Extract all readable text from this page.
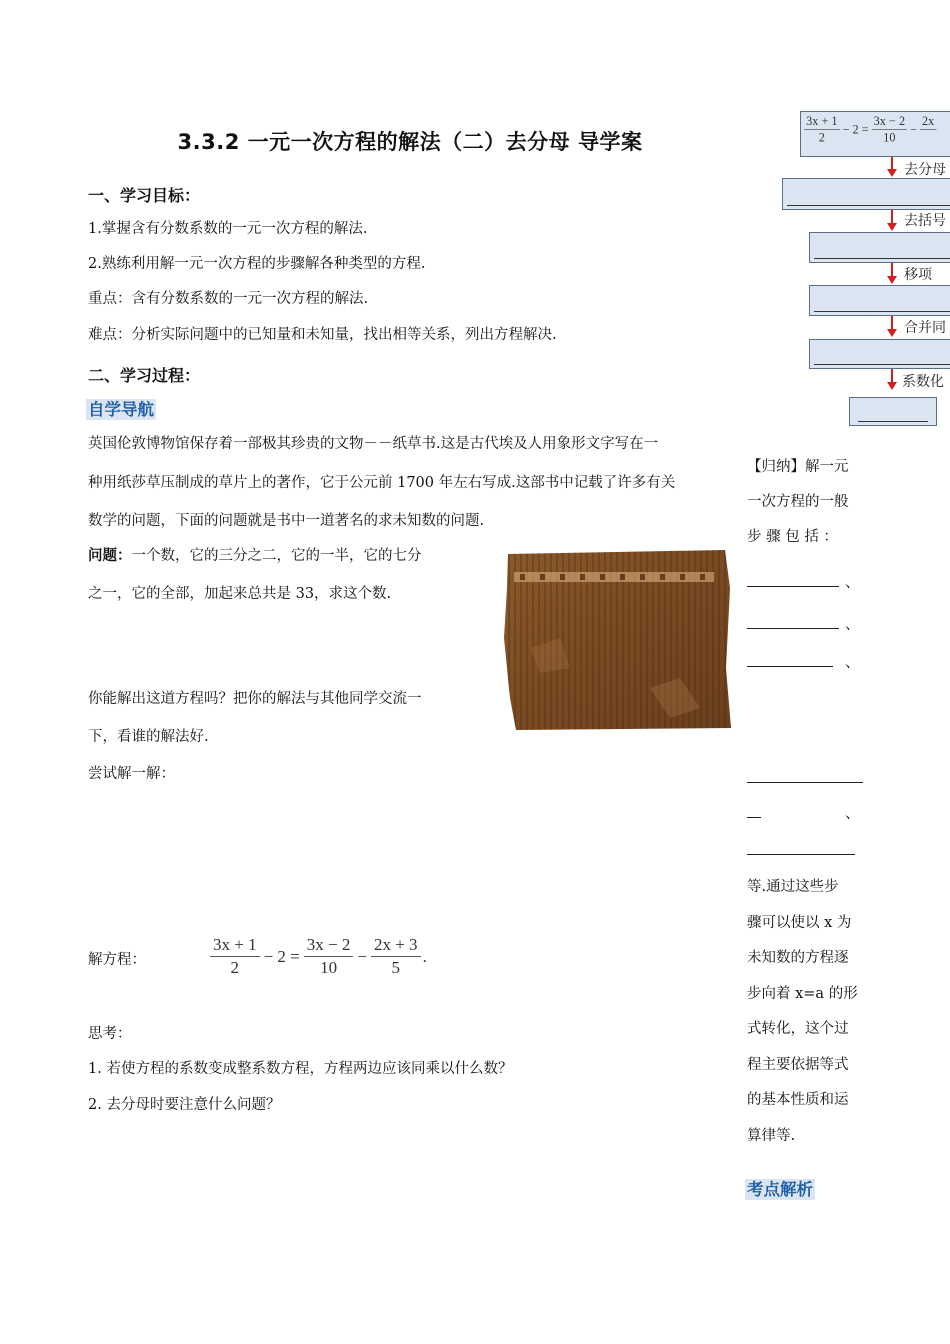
3.3.2 一元一次方程的解法（二）去分母 导学案
一、学习目标：
1.掌握含有分数系数的一元一次方程的解法.
2.熟练利用解一元一次方程的步骤解各种类型的方程.
重点：含有分数系数的一元一次方程的解法.
难点：分析实际问题中的已知量和未知量，找出相等关系，列出方程解决.
二、学习过程：
自学导航
英国伦敦博物馆保存着一部极其珍贵的文物－－纸草书.这是古代埃及人用象形文字写在一
种用纸莎草压制成的草片上的著作，它于公元前 1700 年左右写成.这部书中记载了许多有关
数学的问题，下面的问题就是书中一道著名的求未知数的问题.
问题：一个数，它的三分之二，它的一半，它的七分
之一，它的全部，加起来总共是 33，求这个数.
你能解出这道方程吗？把你的解法与其他同学交流一
下，看谁的解法好.
尝试解一解：
解方程：	$\frac{3x + 1}{2} - 2 = \frac{3x - 2}{10} - \frac{2x + 3}{5}$ .
思考：
1. 若使方程的系数变成整系数方程，方程两边应该同乘以什么数？
2. 去分母时要注意什么问题？
$\frac{3x + 1}{2} - 2 = \frac{3x - 2}{10}$ −
2x

去分母
去括号
移项
合并同
系数化
【归纳】解一元
一次方程的一般
步 骤 包 括 ：
、
、
、
、
等.通过这些步
骤可以使以 x 为
未知数的方程逐
步向着 x=a 的形
式转化，这个过
程主要依据等式
的基本性质和运
算律等.
考点解析
